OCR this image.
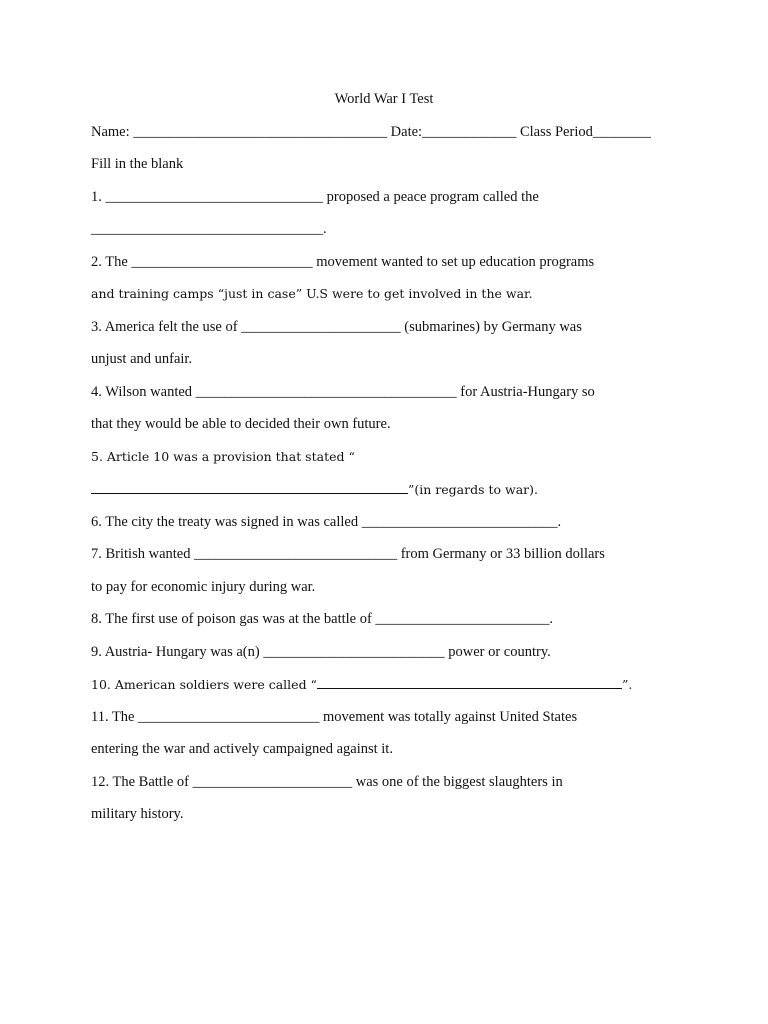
World War I Test
Name: ___________________________________ Date:_____________ Class Period________
Fill in the blank
1. ______________________________ proposed a peace program called the
________________________________.
2. The _________________________ movement wanted to set up education programs
and training camps “just in case” U.S were to get involved in the war.
3. America felt the use of ______________________ (submarines) by Germany was
unjust and unfair.
4. Wilson wanted ____________________________________ for Austria-Hungary so
that they would be able to decided their own future.
5. Article 10 was a provision that stated “
”(in regards to war).
6. The city the treaty was signed in was called ___________________________.
7. British wanted ____________________________ from Germany or 33 billion dollars
to pay for economic injury during war.
8. The first use of poison gas was at the battle of ________________________.
9. Austria- Hungary was a(n) _________________________ power or country.
10. American soldiers were called “	”.
11. The _________________________ movement was totally against United States
entering the war and actively campaigned against it.
12. The Battle of ______________________ was one of the biggest slaughters in
military history.
